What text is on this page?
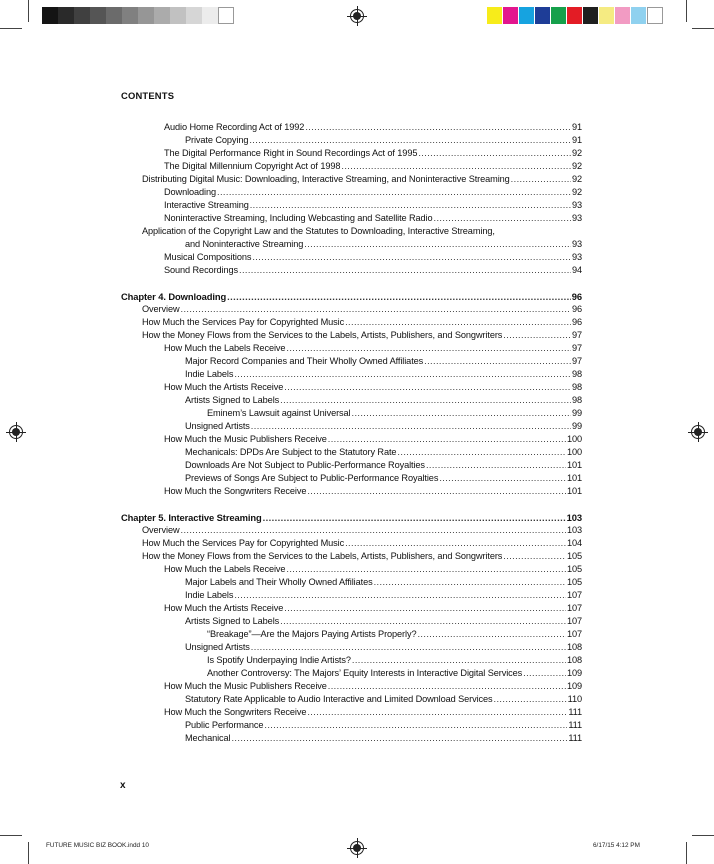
CONTENTS
Audio Home Recording Act of 1992 .....	91
Private Copying .....	91
The Digital Performance Right in Sound Recordings Act of 1995 .....	92
The Digital Millennium Copyright Act of 1998 .....	92
Distributing Digital Music: Downloading, Interactive Streaming, and Noninteractive Streaming .....	92
Downloading .....	92
Interactive Streaming .....	93
Noninteractive Streaming, Including Webcasting and Satellite Radio .....	93
Application of the Copyright Law and the Statutes to Downloading, Interactive Streaming,
and Noninteractive Streaming .....	93
Musical Compositions .....	93
Sound Recordings .....	94
Chapter 4. Downloading .....	96
Overview .....	96
How Much the Services Pay for Copyrighted Music .....	96
How the Money Flows from the Services to the Labels, Artists, Publishers, and Songwriters .....	97
How Much the Labels Receive .....	97
Major Record Companies and Their Wholly Owned Affiliates .....	97
Indie Labels .....	98
How Much the Artists Receive .....	98
Artists Signed to Labels .....	98
Eminem’s Lawsuit against Universal .....	99
Unsigned Artists .....	99
How Much the Music Publishers Receive .....	100
Mechanicals: DPDs Are Subject to the Statutory Rate .....	100
Downloads Are Not Subject to Public-Performance Royalties .....	101
Previews of Songs Are Subject to Public-Performance Royalties .....	101
How Much the Songwriters Receive .....	101
Chapter 5. Interactive Streaming .....	103
Overview .....	103
How Much the Services Pay for Copyrighted Music .....	104
How the Money Flows from the Services to the Labels, Artists, Publishers, and Songwriters .....	105
How Much the Labels Receive .....	105
Major Labels and Their Wholly Owned Affiliates .....	105
Indie Labels .....	107
How Much the Artists Receive .....	107
Artists Signed to Labels .....	107
“Breakage”—Are the Majors Paying Artists Properly? .....	107
Unsigned Artists .....	108
Is Spotify Underpaying Indie Artists? .....	108
Another Controversy: The Majors’ Equity Interests in Interactive Digital Services .....	109
How Much the Music Publishers Receive .....	109
Statutory Rate Applicable to Audio Interactive and Limited Download Services .....	110
How Much the Songwriters Receive .....	111
Public Performance .....	111
Mechanical .....	111
x
FUTURE MUSIC BIZ BOOK.indd 10	6/17/15 4:12 PM
